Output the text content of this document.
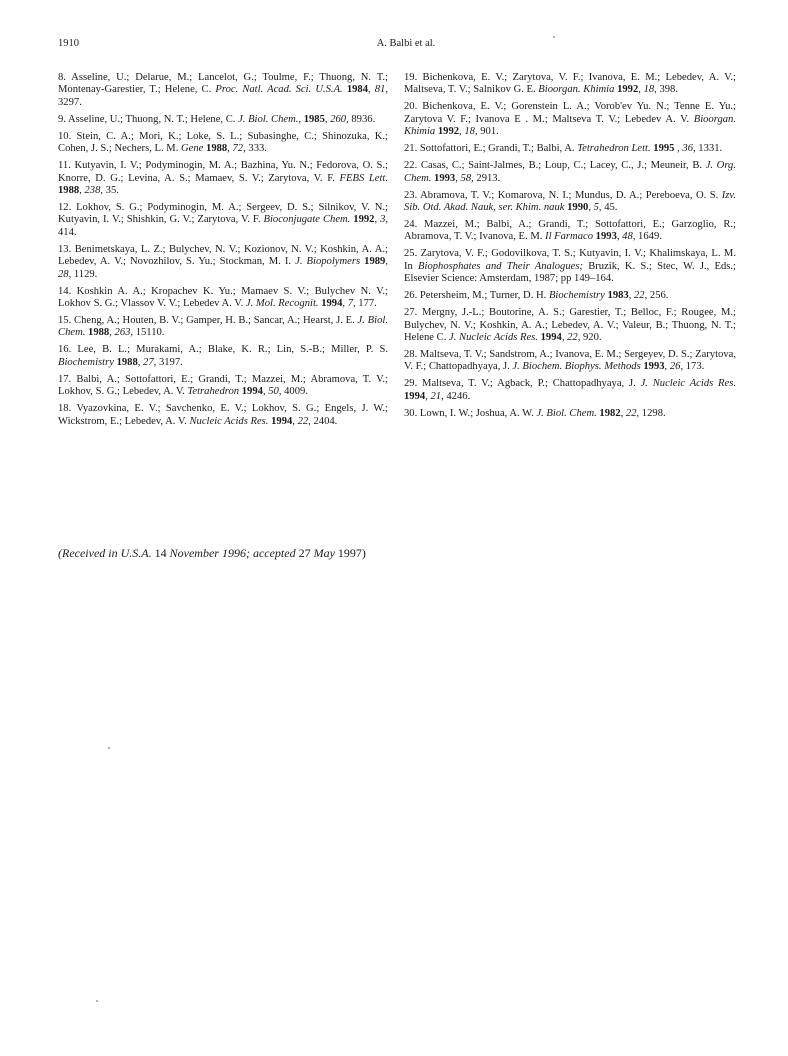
1910	A. Balbi et al.

8. Asseline, U.; Delarue, M.; Lancelot, G.; Toulme, F.; Thuong, N. T.; Montenay-Garestier, T.; Helene, C. Proc. Natl. Acad. Sci. U.S.A. 1984, 81, 3297.

9. Asseline, U.; Thuong, N. T.; Helene, C. J. Biol. Chem., 1985, 260, 8936.

10. Stein, C. A.; Mori, K.; Loke, S. L.; Subasinghe, C.; Shinozuka, K.; Cohen, J. S.; Nechers, L. M. Gene 1988, 72, 333.

11. Kutyavin, I. V.; Podyminogin, M. A.; Bazhina, Yu. N.; Fedorova, O. S.; Knorre, D. G.; Levina, A. S.; Mamaev, S. V.; Zarytova, V. F. FEBS Lett. 1988, 238, 35.

12. Lokhov, S. G.; Podyminogin, M. A.; Sergeev, D. S.; Silnikov, V. N.; Kutyavin, I. V.; Shishkin, G. V.; Zarytova, V. F. Bioconjugate Chem. 1992, 3, 414.

13. Benimetskaya, L. Z.; Bulychev, N. V.; Kozionov, N. V.; Koshkin, A. A.; Lebedev, A. V.; Novozhilov, S. Yu.; Stockman, M. I. J. Biopolymers 1989, 28, 1129.

14. Koshkin A. A.; Kropachev K. Yu.; Mamaev S. V.; Bulychev N. V.; Lokhov S. G.; Vlassov V. V.; Lebedev A. V. J. Mol. Recognit. 1994, 7, 177.

15. Cheng, A.; Houten, B. V.; Gamper, H. B.; Sancar, A.; Hearst, J. E. J. Biol. Chem. 1988, 263, 15110.

16. Lee, B. L.; Murakami, A.; Blake, K. R.; Lin, S.-B.; Miller, P. S. Biochemistry 1988, 27, 3197.

17. Balbi, A.; Sottofattori, E.; Grandi, T.; Mazzei, M.; Abramova, T. V.; Lokhov, S. G.; Lebedev, A. V. Tetrahedron 1994, 50, 4009.

18. Vyazovkina, E. V.; Savchenko, E. V.; Lokhov, S. G.; Engels, J. W.; Wickstrom, E.; Lebedev, A. V. Nucleic Acids Res. 1994, 22, 2404.

19. Bichenkova, E. V.; Zarytova, V. F.; Ivanova, E. M.; Lebedev, A. V.; Maltseva, T. V.; Salnikov G. E. Bioorgan. Khimia 1992, 18, 398.

20. Bichenkova, E. V.; Gorenstein L. A.; Vorob'ev Yu. N.; Tenne E. Yu.; Zarytova V. F.; Ivanova E . M.; Maltseva T. V.; Lebedev A. V. Bioorgan. Khimia 1992, 18, 901.

21. Sottofattori, E.; Grandi, T.; Balbi, A. Tetrahedron Lett. 1995 , 36, 1331.

22. Casas, C.; Saint-Jalmes, B.; Loup, C.; Lacey, C., J.; Meuneir, B. J. Org. Chem. 1993, 58, 2913.

23. Abramova, T. V.; Komarova, N. I.; Mundus, D. A.; Pereboeva, O. S. Izv. Sib. Otd. Akad. Nauk, ser. Khim. nauk 1990, 5, 45.

24. Mazzei, M.; Balbi, A.; Grandi, T.; Sottofattori, E.; Garzoglio, R.; Abramova, T. V.; Ivanova, E. M. Il Farmaco 1993, 48, 1649.

25. Zarytova, V. F.; Godovilkova, T. S.; Kutyavin, I. V.; Khalimskaya, L. M. In Biophosphates and Their Analogues; Bruzik, K. S.; Stec, W. J., Eds.; Elsevier Science: Amsterdam, 1987; pp 149–164.

26. Petersheim, M.; Turner, D. H. Biochemistry 1983, 22, 256.

27. Mergny, J.-L.; Boutorine, A. S.; Garestier, T.; Belloc, F.; Rougee, M.; Bulychev, N. V.; Koshkin, A. A.; Lebedev, A. V.; Valeur, B.; Thuong, N. T.; Helene C. J. Nucleic Acids Res. 1994, 22, 920.

28. Maltseva, T. V.; Sandstrom, A.; Ivanova, E. M.; Sergeyev, D. S.; Zarytova, V. F.; Chattopadhyaya, J. J. Biochem. Biophys. Methods 1993, 26, 173.

29. Maltseva, T. V.; Agback, P.; Chattopadhyaya, J. J. Nucleic Acids Res. 1994, 21, 4246.

30. Lown, I. W.; Joshua, A. W. J. Biol. Chem. 1982, 22, 1298.

(Received in U.S.A. 14 November 1996; accepted 27 May 1997)
